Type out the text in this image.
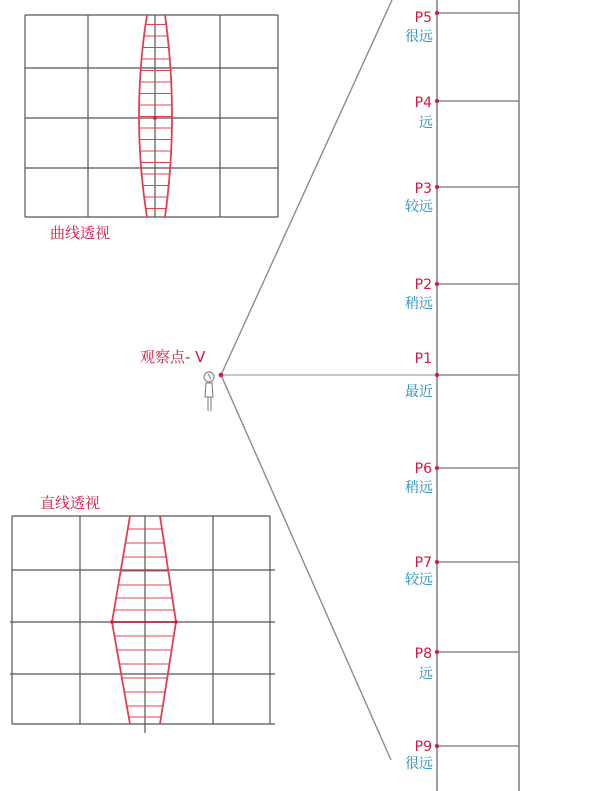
曲线透视
观察点- V
P5
很远
P4
远
P3
较远
P2
稍远
P1
最近
P6
稍远
P7
较远
P8
远
P9
很远
直线透视
